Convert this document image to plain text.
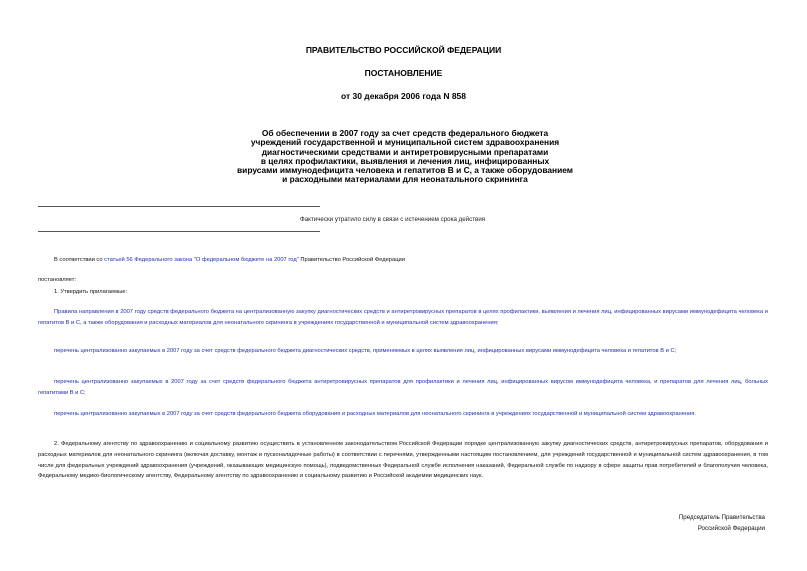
ПРАВИТЕЛЬСТВО РОССИЙСКОЙ ФЕДЕРАЦИИ
ПОСТАНОВЛЕНИЕ
от 30 декабря 2006 года N 858
Об обеспечении в 2007 году за счет средств федерального бюджета
учреждений государственной и муниципальной систем здравоохранения
диагностическими средствами и антиретровирусными препаратами
в целях профилактики, выявления и лечения лиц, инфицированных
вирусами иммунодефицита человека и гепатитов В и С, а также оборудованием
и расходными материалами для неонатального скрининга
Фактически утратило силу в связи с истечением срока действия
В соответствии со статьей 56 Федерального закона "О федеральном бюджете на 2007 год" Правительство Российской Федерации
постановляет:
1. Утвердить прилагаемые:
Правила направления в 2007 году средств федерального бюджета на централизованную закупку диагностических средств и антиретровирусных препаратов в целях профилактики, выявления и лечения лиц, инфицированных вирусами иммунодефицита человека и гепатитов В и С, а также оборудования и расходных материалов для неонатального скрининга в учреждениях государственной и муниципальной систем здравоохранения;
перечень централизованно закупаемых в 2007 году за счет средств федерального бюджета диагностических средств, применяемых в целях выявления лиц, инфицированных вирусами иммунодефицита человека и гепатитов В и С;
перечень централизованно закупаемых в 2007 году за счет средств федерального бюджета антиретровирусных препаратов для профилактики и лечения лиц, инфицированных вирусом иммунодефицита человека, и препаратов для лечения лиц, больных гепатитами В и С;
перечень централизованно закупаемых в 2007 году за счет средств федерального бюджета оборудования и расходных материалов для неонатального скрининга в учреждениях государственной и муниципальной систем здравоохранения.
2. Федеральному агентству по здравоохранению и социальному развитию осуществить в установленном законодательством Российской Федерации порядке централизованную закупку диагностических средств, антиретровирусных препаратов, оборудования и расходных материалов для неонатального скрининга (включая доставку, монтаж и пусконаладочные работы) в соответствии с перечнями, утвержденными настоящим постановлением, для учреждений государственной и муниципальной систем здравоохранения, в том числе для федеральных учреждений здравоохранения (учреждений, оказывающих медицинскую помощь), подведомственных Федеральной службе исполнения наказаний, Федеральной службе по надзору в сфере защиты прав потребителей и благополучия человека, Федеральному медико-биологическому агентству, Федеральному агентству по здравоохранению и социальному развитию и Российской академии медицинских наук.
Председатель Правительства
Российской Федерации
